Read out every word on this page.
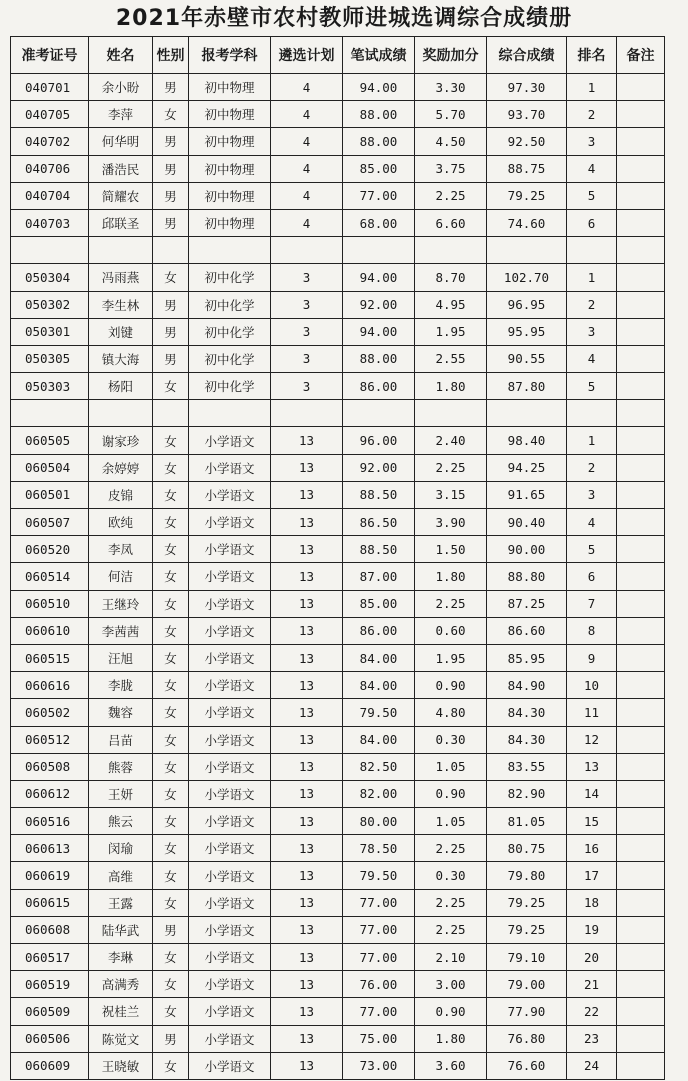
2021年赤壁市农村教师进城选调综合成绩册
准考证号	姓名	性别	报考学科	遴选计划	笔试成绩	奖励加分	综合成绩	排名	备注
040701	余小盼	男	初中物理	4	94.00	3.30	97.30	1	
040705	李萍	女	初中物理	4	88.00	5.70	93.70	2	
040702	何华明	男	初中物理	4	88.00	4.50	92.50	3	
040706	潘浩民	男	初中物理	4	85.00	3.75	88.75	4	
040704	简耀农	男	初中物理	4	77.00	2.25	79.25	5	
040703	邱联圣	男	初中物理	4	68.00	6.60	74.60	6	

050304	冯雨燕	女	初中化学	3	94.00	8.70	102.70	1	
050302	李生林	男	初中化学	3	92.00	4.95	96.95	2	
050301	刘键	男	初中化学	3	94.00	1.95	95.95	3	
050305	镇大海	男	初中化学	3	88.00	2.55	90.55	4	
050303	杨阳	女	初中化学	3	86.00	1.80	87.80	5	

060505	谢家珍	女	小学语文	13	96.00	2.40	98.40	1	
060504	余婷婷	女	小学语文	13	92.00	2.25	94.25	2	
060501	皮锦	女	小学语文	13	88.50	3.15	91.65	3	
060507	欧纯	女	小学语文	13	86.50	3.90	90.40	4	
060520	李凤	女	小学语文	13	88.50	1.50	90.00	5	
060514	何洁	女	小学语文	13	87.00	1.80	88.80	6	
060510	王继玲	女	小学语文	13	85.00	2.25	87.25	7	
060610	李茜茜	女	小学语文	13	86.00	0.60	86.60	8	
060515	汪旭	女	小学语文	13	84.00	1.95	85.95	9	
060616	李胧	女	小学语文	13	84.00	0.90	84.90	10	
060502	魏容	女	小学语文	13	79.50	4.80	84.30	11	
060512	吕苗	女	小学语文	13	84.00	0.30	84.30	12	
060508	熊蓉	女	小学语文	13	82.50	1.05	83.55	13	
060612	王妍	女	小学语文	13	82.00	0.90	82.90	14	
060516	熊云	女	小学语文	13	80.00	1.05	81.05	15	
060613	闵瑜	女	小学语文	13	78.50	2.25	80.75	16	
060619	高维	女	小学语文	13	79.50	0.30	79.80	17	
060615	王露	女	小学语文	13	77.00	2.25	79.25	18	
060608	陆华武	男	小学语文	13	77.00	2.25	79.25	19	
060517	李琳	女	小学语文	13	77.00	2.10	79.10	20	
060519	高满秀	女	小学语文	13	76.00	3.00	79.00	21	
060509	祝桂兰	女	小学语文	13	77.00	0.90	77.90	22	
060506	陈觉文	男	小学语文	13	75.00	1.80	76.80	23	
060609	王晓敏	女	小学语文	13	73.00	3.60	76.60	24	
